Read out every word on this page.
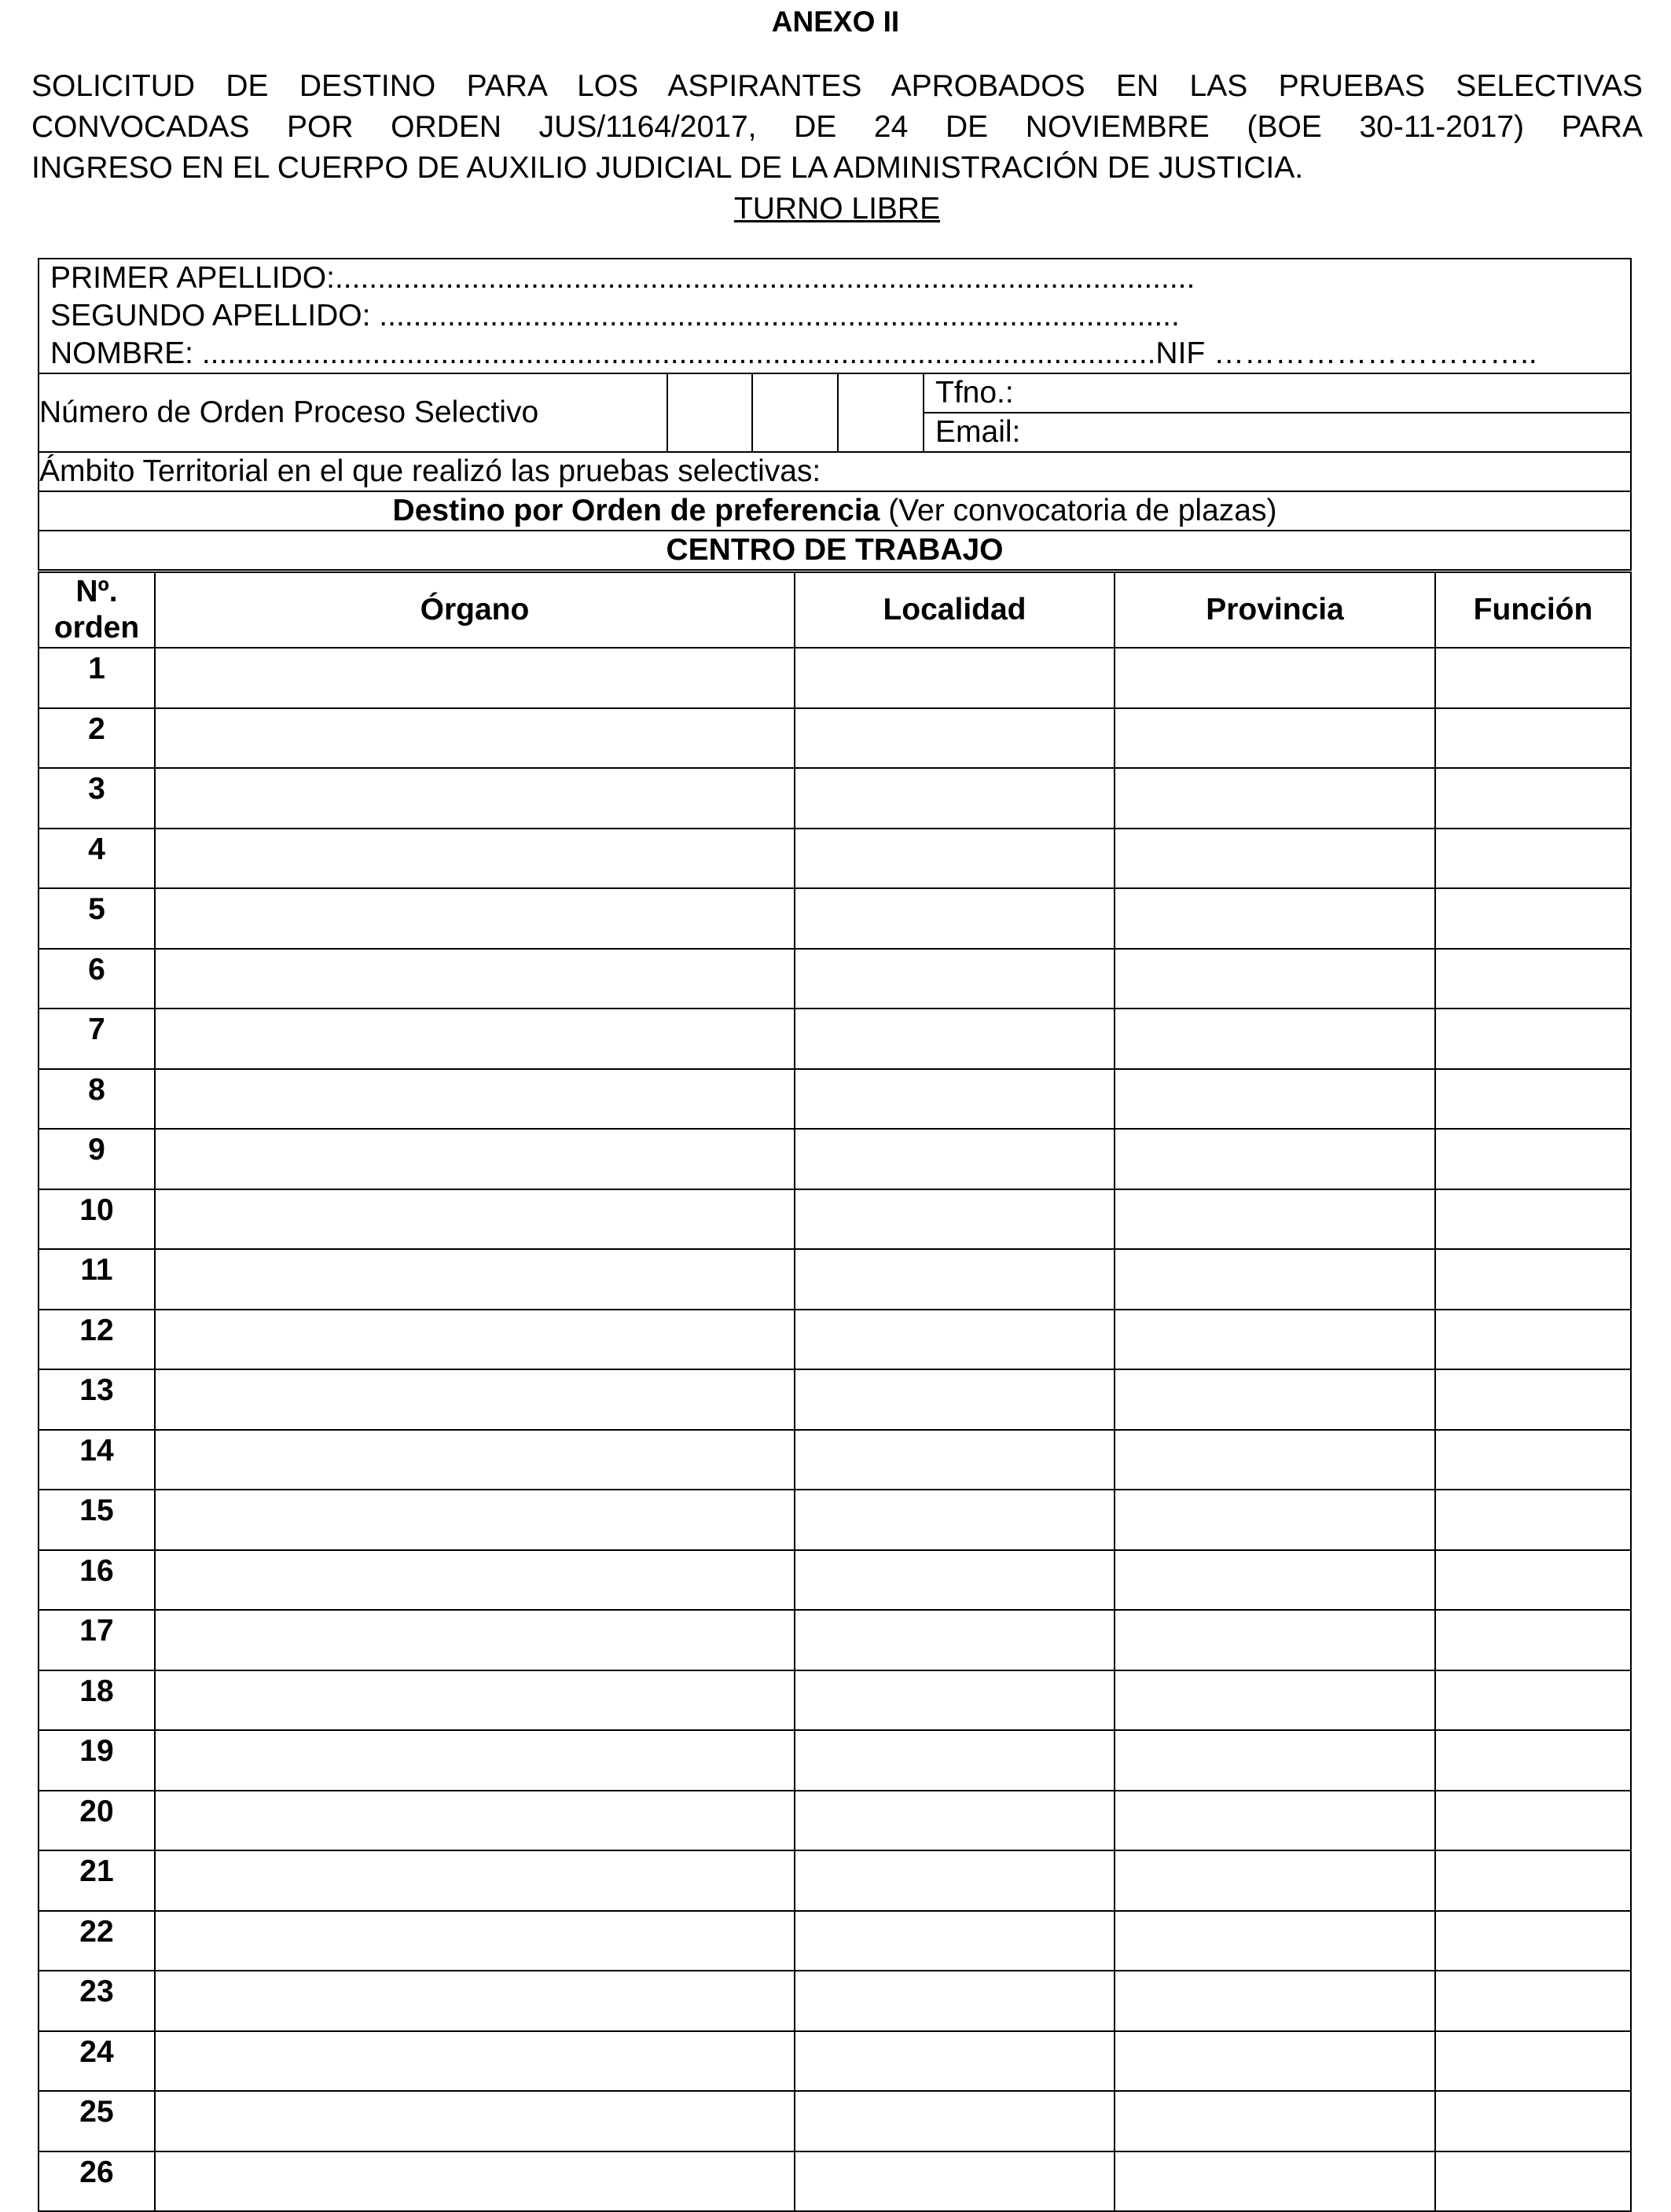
ANEXO II
SOLICITUD DE DESTINO PARA LOS ASPIRANTES APROBADOS EN LAS PRUEBAS SELECTIVAS
CONVOCADAS POR ORDEN JUS/1164/2017, DE 24 DE NOVIEMBRE (BOE 30-11-2017) PARA
INGRESO EN EL CUERPO DE AUXILIO JUDICIAL DE LA ADMINISTRACIÓN DE JUSTICIA.
TURNO LIBRE
PRIMER APELLIDO:.....................................................................................................
SEGUNDO APELLIDO: ..............................................................................................
NOMBRE: ................................................................................................................NIF …………………………..

Número de Orden Proceso Selectivo				Tfno.:
Email:
Ámbito Territorial en el que realizó las pruebas selectivas:
Destino por Orden de preferencia (Ver convocatoria de plazas)
CENTRO DE TRABAJO
Nº.
orden	Órgano	Localidad	Provincia	Función
1				
2				
3				
4				
5				
6				
7				
8				
9				
10				
11				
12				
13				
14				
15				
16				
17				
18				
19				
20				
21				
22				
23				
24				
25				
26				
